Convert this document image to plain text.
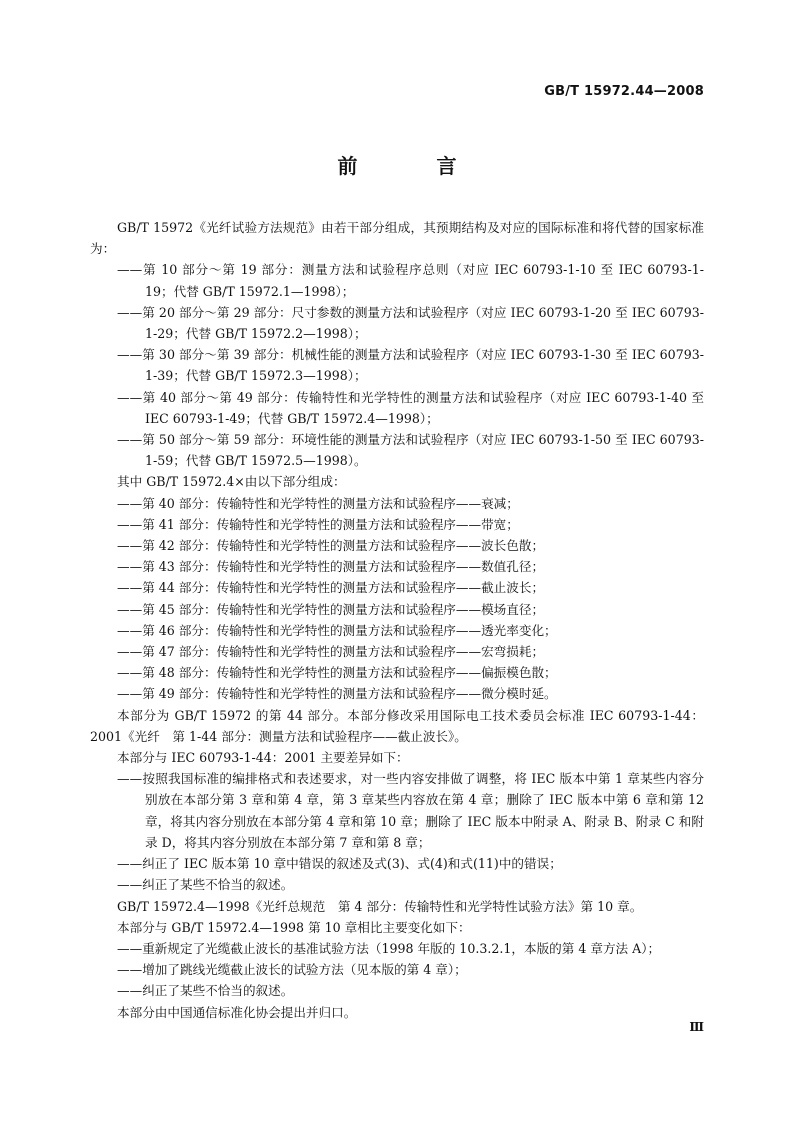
GB/T 15972.44—2008
前 言

GB/T 15972《光纤试验方法规范》由若干部分组成，其预期结构及对应的国际标准和将代替的国家标准为：

——第 10 部分～第 19 部分：测量方法和试验程序总则（对应 IEC 60793-1-10 至 IEC 60793-1-19；代替 GB/T 15972.1—1998）；

——第 20 部分～第 29 部分：尺寸参数的测量方法和试验程序（对应 IEC 60793-1-20 至 IEC 60793-1-29；代替 GB/T 15972.2—1998）；

——第 30 部分～第 39 部分：机械性能的测量方法和试验程序（对应 IEC 60793-1-30 至 IEC 60793-1-39；代替 GB/T 15972.3—1998）；

——第 40 部分～第 49 部分：传输特性和光学特性的测量方法和试验程序（对应 IEC 60793-1-40 至 IEC 60793-1-49；代替 GB/T 15972.4—1998）；

——第 50 部分～第 59 部分：环境性能的测量方法和试验程序（对应 IEC 60793-1-50 至 IEC 60793-1-59；代替 GB/T 15972.5—1998）。

其中 GB/T 15972.4×由以下部分组成：

——第 40 部分：传输特性和光学特性的测量方法和试验程序——衰减；

——第 41 部分：传输特性和光学特性的测量方法和试验程序——带宽；

——第 42 部分：传输特性和光学特性的测量方法和试验程序——波长色散；

——第 43 部分：传输特性和光学特性的测量方法和试验程序——数值孔径；

——第 44 部分：传输特性和光学特性的测量方法和试验程序——截止波长；

——第 45 部分：传输特性和光学特性的测量方法和试验程序——模场直径；

——第 46 部分：传输特性和光学特性的测量方法和试验程序——透光率变化；

——第 47 部分：传输特性和光学特性的测量方法和试验程序——宏弯损耗；

——第 48 部分：传输特性和光学特性的测量方法和试验程序——偏振模色散；

——第 49 部分：传输特性和光学特性的测量方法和试验程序——微分模时延。

本部分为 GB/T 15972 的第 44 部分。本部分修改采用国际电工技术委员会标准 IEC 60793-1-44：2001《光纤　第 1-44 部分：测量方法和试验程序——截止波长》。

本部分与 IEC 60793-1-44：2001 主要差异如下：

——按照我国标准的编排格式和表述要求，对一些内容安排做了调整，将 IEC 版本中第 1 章某些内容分别放在本部分第 3 章和第 4 章，第 3 章某些内容放在第 4 章；删除了 IEC 版本中第 6 章和第 12 章，将其内容分别放在本部分第 4 章和第 10 章；删除了 IEC 版本中附录 A、附录 B、附录 C 和附录 D，将其内容分别放在本部分第 7 章和第 8 章；

——纠正了 IEC 版本第 10 章中错误的叙述及式(3)、式(4)和式(11)中的错误；

——纠正了某些不恰当的叙述。

GB/T 15972.4—1998《光纤总规范　第 4 部分：传输特性和光学特性试验方法》第 10 章。

本部分与 GB/T 15972.4—1998 第 10 章相比主要变化如下：

——重新规定了光缆截止波长的基准试验方法（1998 年版的 10.3.2.1，本版的第 4 章方法 A）；

——增加了跳线光缆截止波长的试验方法（见本版的第 4 章）；

——纠正了某些不恰当的叙述。

本部分由中国通信标准化协会提出并归口。

Ⅲ
